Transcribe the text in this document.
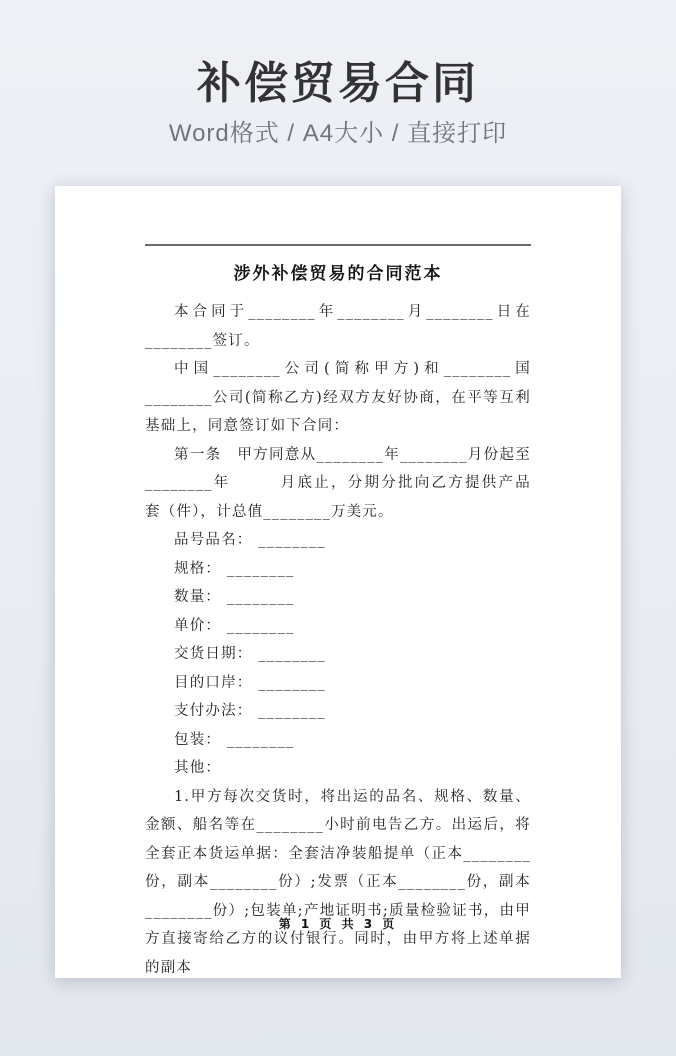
补偿贸易合同

Word格式 / A4大小 / 直接打印

涉外补偿贸易的合同范本

本合同于________年________月________日在________签订。

中国________公司(简称甲方)和________国________公司(简称乙方)经双方友好协商，在平等互利基础上，同意签订如下合同：

第一条　甲方同意从________年________月份起至________年　　　月底止，分期分批向乙方提供产品　　　套（件），计总值________万美元。

品号品名： ________

规格： ________

数量： ________

单价： ________

交货日期： ________

目的口岸： ________

支付办法： ________

包装： ________

其他：

1.甲方每次交货时，将出运的品名、规格、数量、金额、船名等在________小时前电告乙方。出运后，将全套正本货运单据：全套洁净装船提单（正本________份，副本________份）;发票（正本________份，副本________份）;包装单;产地证明书;质量检验证书，由甲方直接寄给乙方的议付银行。同时，由甲方将上述单据的副本

第 1 页 共 3 页
